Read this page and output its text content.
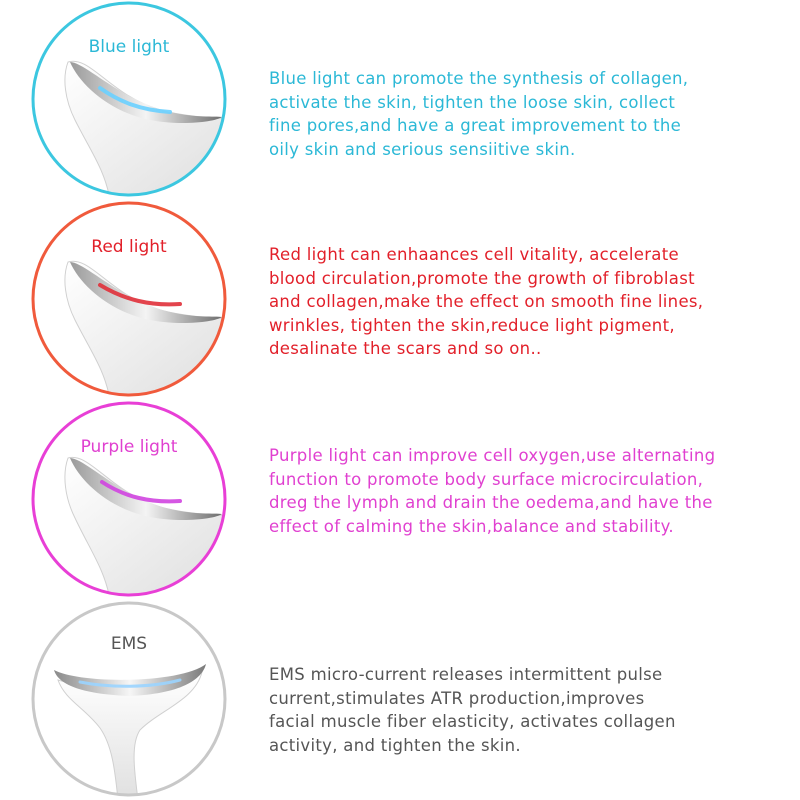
Blue light
Blue light can promote the synthesis of collagen,
activate the skin, tighten the loose skin, collect
fine pores,and have a great improvement to the
oily skin and serious sensiitive skin.
Red light	Red light can enhaances cell vitality, accelerate
blood circulation,promote the growth of fibroblast
and collagen,make the effect on smooth fine lines,
wrinkles, tighten the skin,reduce light pigment,
desalinate the scars and so on..
Purple light	Purple light can improve cell oxygen,use alternating
function to promote body surface microcirculation,
dreg the lymph and drain the oedema,and have the
effect of calming the skin,balance and stability.
EMS
EMS micro-current releases intermittent pulse
current,stimulates ATR production,improves
facial muscle fiber elasticity, activates collagen
activity, and tighten the skin.
